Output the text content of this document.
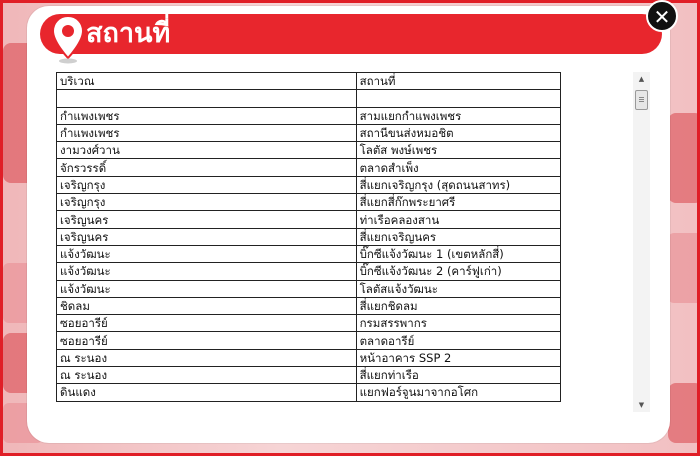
สถานที่
✕
บริเวณ	สถานที่

กำแพงเพชร	สามแยกกำแพงเพชร
กำแพงเพชร	สถานีขนส่งหมอชิต
งามวงศ์วาน	โลตัส พงษ์เพชร
จักรวรรดิ์	ตลาดสำเพ็ง
เจริญกรุง	สี่แยกเจริญกรุง (สุดถนนสาทร)
เจริญกรุง	สี่แยกสี่ก๊กพระยาศรี
เจริญนคร	ท่าเรือคลองสาน
เจริญนคร	สี่แยกเจริญนคร
แจ้งวัฒนะ	บิ๊กซีแจ้งวัฒนะ 1 (เขตหลักสี่)
แจ้งวัฒนะ	บิ๊กซีแจ้งวัฒนะ 2 (คาร์ฟูเก่า)
แจ้งวัฒนะ	โลตัสแจ้งวัฒนะ
ชิดลม	สี่แยกชิดลม
ซอยอารีย์	กรมสรรพากร
ซอยอารีย์	ตลาดอารีย์
ณ ระนอง	หน้าอาคาร SSP 2
ณ ระนอง	สี่แยกท่าเรือ
ดินแดง	แยกฟอร์จูนมาจากอโศก
▲
▼
